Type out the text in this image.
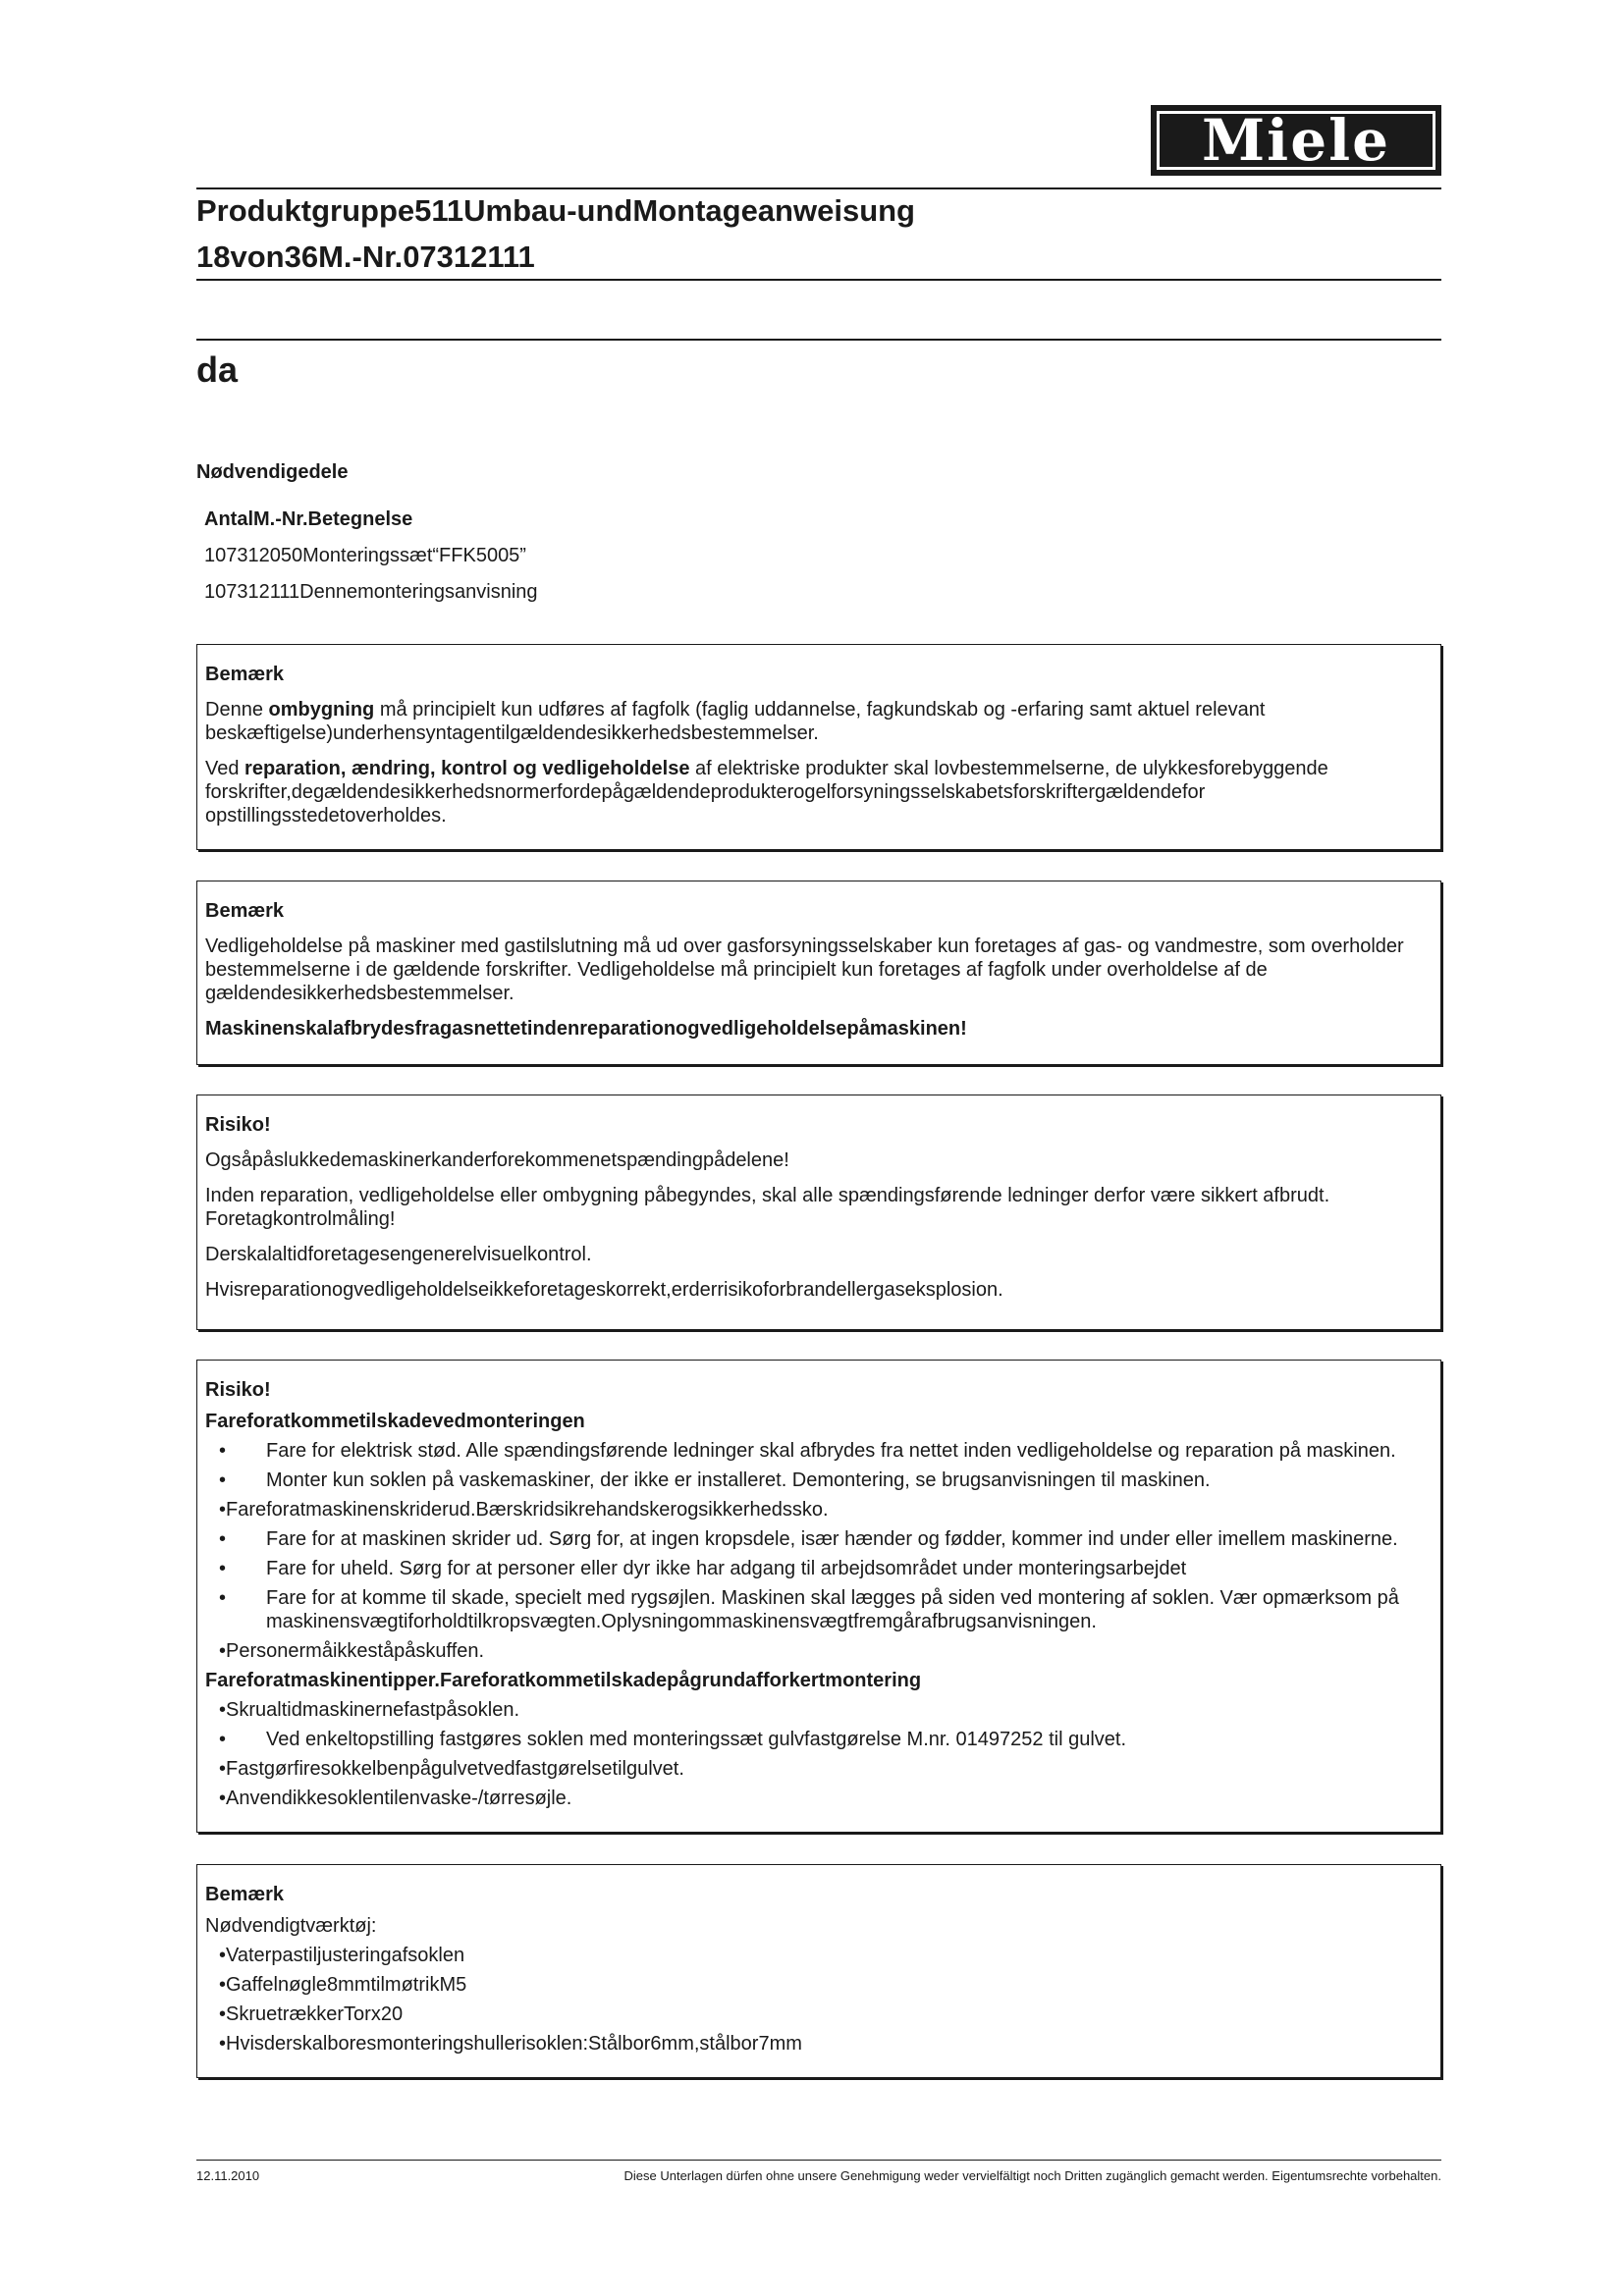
Miele
Produktgruppe511Umbau-undMontageanweisung
18von36M.-Nr.07312111
da
Nødvendigedele
AntalM.-Nr.Betegnelse
107312050Monteringssæt“FFK5005”
107312111Dennemonteringsanvisning
Bemærk

Denne ombygning må principielt kun udføres af fagfolk (faglig uddannelse, fagkundskab og -erfaring samt aktuel relevant beskæftigelse)underhensyntagentilgældendesikkerhedsbestemmelser.

Ved reparation, ændring, kontrol og vedligeholdelse af elektriske produkter skal lovbestemmelserne, de ulykkesforebyggende forskrifter,degældendesikkerhedsnormerfordepågældendeprodukterogelforsyningsselskabetsforskriftergældendefor opstillingsstedetoverholdes.

Bemærk

Vedligeholdelse på maskiner med gastilslutning må ud over gasforsyningsselskaber kun foretages af gas- og vandmestre, som overholder bestemmelserne i de gældende forskrifter. Vedligeholdelse må principielt kun foretages af fagfolk under overholdelse af de gældendesikkerhedsbestemmelser.

Maskinenskalafbrydesfragasnettetindenreparationogvedligeholdelsepåmaskinen!

Risiko!

Ogsåpåslukkedemaskinerkanderforekommenetspændingpådelene!

Inden reparation, vedligeholdelse eller ombygning påbegyndes, skal alle spændingsførende ledninger derfor være sikkert afbrudt. Foretagkontrolmåling!

Derskalaltidforetagesengenerelvisuelkontrol.

Hvisreparationogvedligeholdelseikkeforetageskorrekt,erderrisikoforbrandellergaseksplosion.

Risiko!
Fareforatkommetilskadevedmonteringen
• Fare for elektrisk stød. Alle spændingsførende ledninger skal afbrydes fra nettet inden vedligeholdelse og reparation på maskinen.
• Monter kun soklen på vaskemaskiner, der ikke er installeret. Demontering, se brugsanvisningen til maskinen.
•Fareforatmaskinenskriderud.Bærskridsikrehandskerogsikkerhedssko.
• Fare for at maskinen skrider ud. Sørg for, at ingen kropsdele, især hænder og fødder, kommer ind under eller imellem maskinerne.
• Fare for uheld. Sørg for at personer eller dyr ikke har adgang til arbejdsområdet under monteringsarbejdet
• Fare for at komme til skade, specielt med rygsøjlen. Maskinen skal lægges på siden ved montering af soklen. Vær opmærksom på maskinensvægtiforholdtilkropsvægten.Oplysningommaskinensvægtfremgårafbrugsanvisningen.
•Personermåikkeståpåskuffen.
Fareforatmaskinentipper.Fareforatkommetilskadepågrundafforkertmontering
•Skrualtidmaskinernefastpåsoklen.
• Ved enkeltopstilling fastgøres soklen med monteringssæt gulvfastgørelse M.nr. 01497252 til gulvet.
•Fastgørfiresokkelbenpågulvetvedfastgørelsetilgulvet.
•Anvendikkesoklentilenvaske-/tørresøjle.
Bemærk
Nødvendigtværktøj:
•Vaterpastiljusteringafsoklen
•Gaffelnøgle8mmtilmøtrikM5
•SkruetrækkerTorx20
•Hvisderskalboresmonteringshullerisoklen:Stålbor6mm,stålbor7mm
12.11.2010	Diese Unterlagen dürfen ohne unsere Genehmigung weder vervielfältigt noch Dritten zugänglich gemacht werden. Eigentumsrechte vorbehalten.
